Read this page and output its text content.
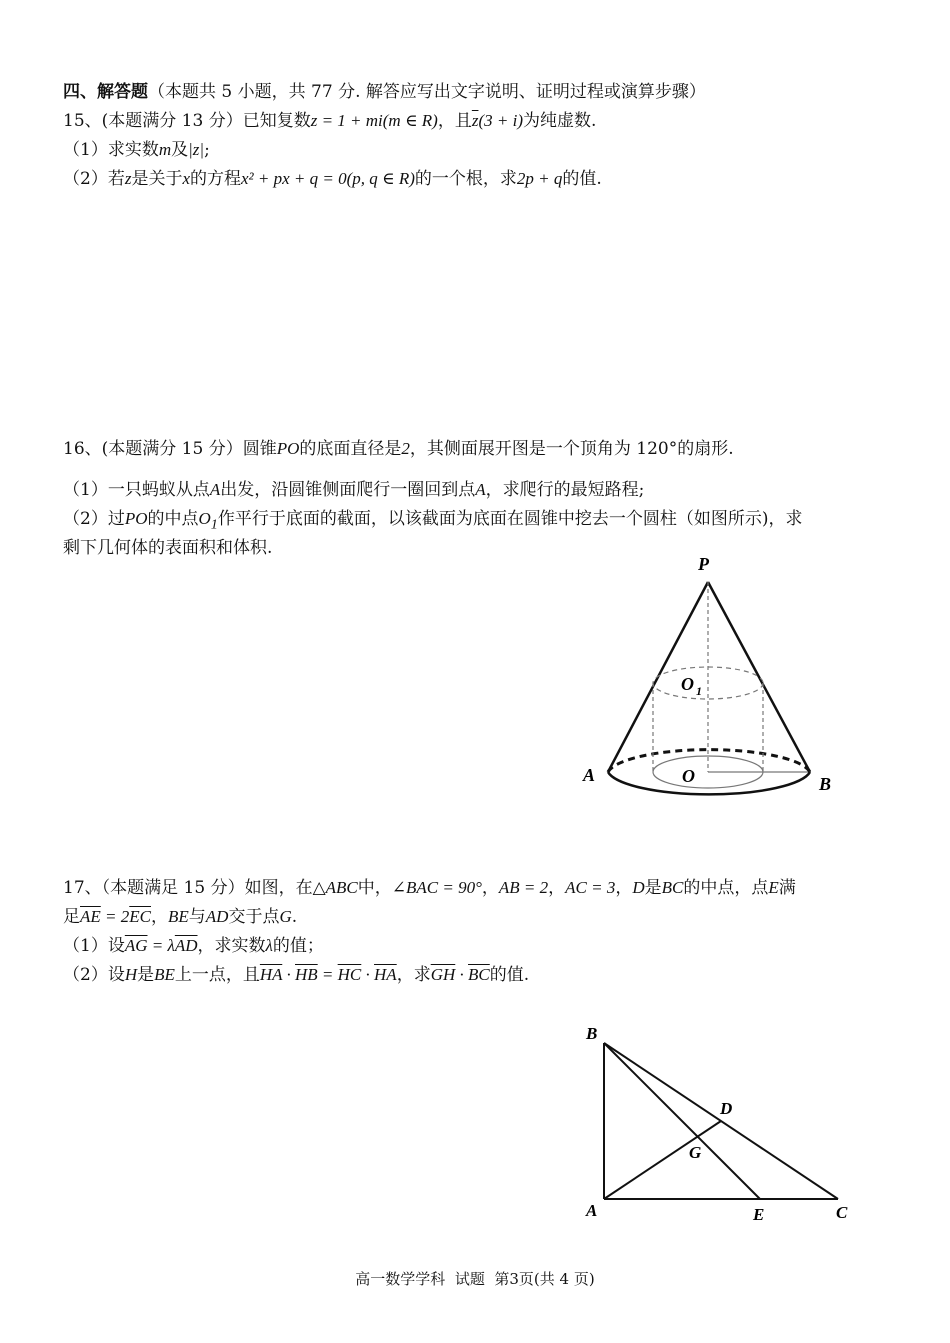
四、解答题（本题共 5 小题，共 77 分. 解答应写出文字说明、证明过程或演算步骤）
15、(本题满分 13 分）已知复数z = 1 + mi(m ∈ R)，且$\overline{z}(3 + i)$为纯虚数.
（1）求实数m及|z|;
（2）若z是关于x的方程x² + px + q = 0(p, q ∈ R)的一个根，求2p + q的值.
16、(本题满分 15 分）圆锥PO的底面直径是2，其侧面展开图是一个顶角为 120°的扇形.
（1）一只蚂蚁从点A出发，沿圆锥侧面爬行一圈回到点A，求爬行的最短路程;
（2）过PO的中点$O_1$作平行于底面的截面，以该截面为底面在圆锥中挖去一个圆柱（如图所示)，求
剩下几何体的表面积和体积.
P
O 1
O
A	B
17、（本题满足 15 分）如图，在△ABC中，∠BAC = 90°，AB = 2，AC = 3，D是BC的中点，点E满
足$\overline{AE} = 2\overline{EC}$，BE与AD交于点G.
（1）设$\overline{AG} = \lambda\overline{AD}$，求实数λ的值；
（2）设H是BE上一点，且$\overline{HA} \cdot \overline{HB} = \overline{HC} \cdot \overline{HA}$，求$\overline{GH} \cdot \overline{BC}$的值.
B
D
G
A	E	C
高一数学学科  试题  第3页(共 4 页)
